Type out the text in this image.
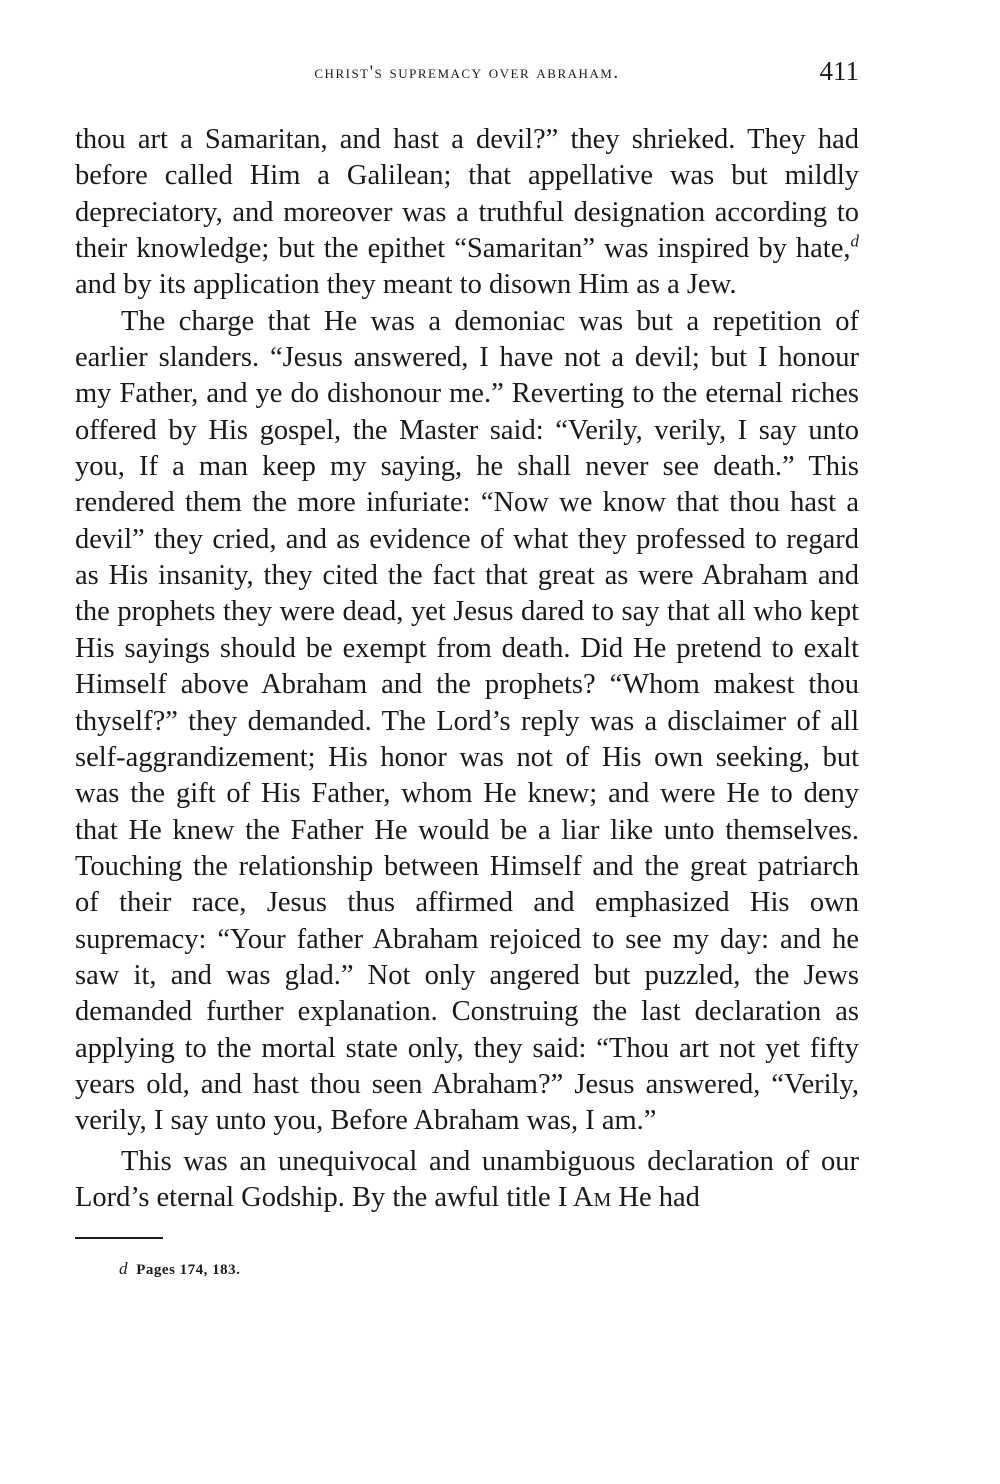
christ's supremacy over abraham.	411

thou art a Samaritan, and hast a devil?” they shrieked. They had before called Him a Galilean; that appellative was but mildly depreciatory, and moreover was a truthful designation according to their knowledge; but the epithet “Samaritan” was inspired by hate,$^d$ and by its application they meant to disown Him as a Jew.

The charge that He was a demoniac was but a repetition of earlier slanders. “Jesus answered, I have not a devil; but I honour my Father, and ye do dishonour me.” Reverting to the eternal riches offered by His gospel, the Master said: “Verily, verily, I say unto you, If a man keep my saying, he shall never see death.” This rendered them the more infuriate: “Now we know that thou hast a devil” they cried, and as evidence of what they professed to regard as His insanity, they cited the fact that great as were Abraham and the prophets they were dead, yet Jesus dared to say that all who kept His sayings should be exempt from death. Did He pretend to exalt Himself above Abraham and the prophets? “Whom makest thou thyself?” they demanded. The Lord’s reply was a disclaimer of all self-aggrandizement; His honor was not of His own seeking, but was the gift of His Father, whom He knew; and were He to deny that He knew the Father He would be a liar like unto themselves. Touching the relationship between Himself and the great patriarch of their race, Jesus thus affirmed and emphasized His own supremacy: “Your father Abraham rejoiced to see my day: and he saw it, and was glad.” Not only angered but puzzled, the Jews demanded further explanation. Construing the last declaration as applying to the mortal state only, they said: “Thou art not yet fifty years old, and hast thou seen Abraham?” Jesus answered, “Verily, verily, I say unto you, Before Abraham was, I am.”

This was an unequivocal and unambiguous declaration of our Lord’s eternal Godship. By the awful title I Am He had

d Pages 174, 183.
